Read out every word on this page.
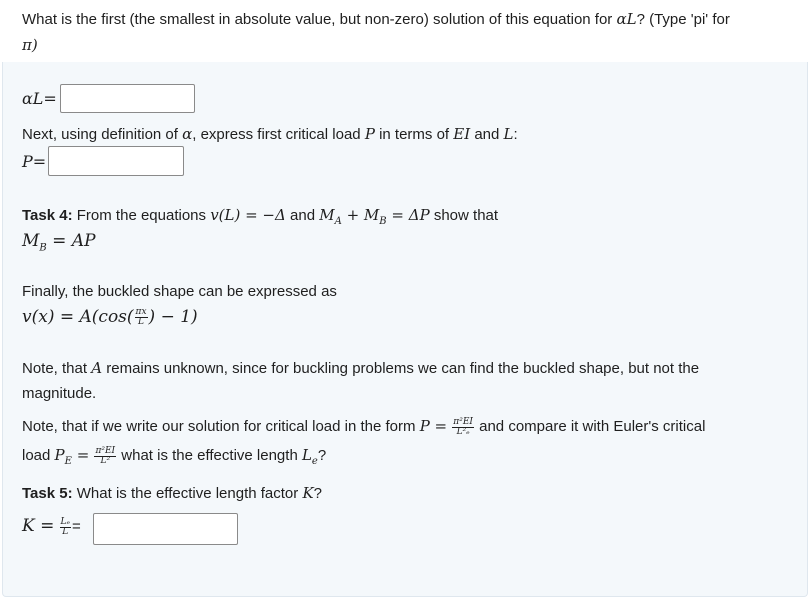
What is the first (the smallest in absolute value, but non-zero) solution of this equation for αL? (Type 'pi' for
π)
αL=
Next, using definition of α, express first critical load P in terms of EI and L:
P=
Task 4: From the equations v(L) = −Δ and $M_A + M_B = \Delta P$ show that
$M_B$ = AP
Finally, the buckled shape can be expressed as
$v(x) = A(\cos( \frac{\pi x}{L}$ ) − 1)
Note, that A remains unknown, since for buckling problems we can find the buckled shape, but not the
magnitude.
Note, that if we write our solution for critical load in the form $P = \frac{\text{π²EI}}{\text{L²ₑ}}$ and compare it with Euler's critical
load $P_E = \frac{\text{π²EI}}{\text{L²}}$ what is the effective length $L_e$?
Task 5: What is the effective length factor K?
$K = \frac{\text{Lₑ}}{L}$ =
